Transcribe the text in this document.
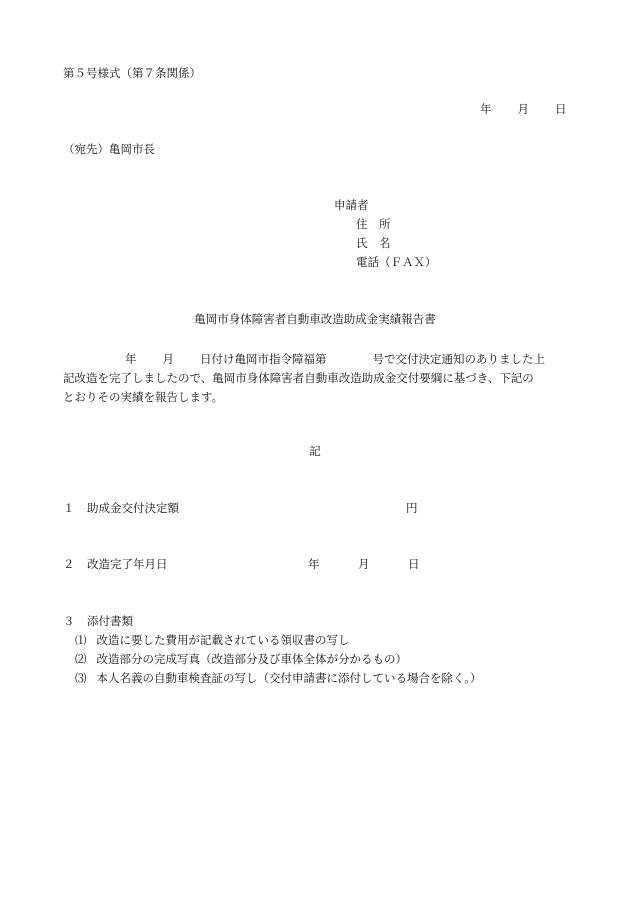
第５号様式（第７条関係）
年 月 日
（宛先）亀岡市長
申請者
住　所
氏　名
電話（ＦＡＸ）
亀岡市身体障害者自動車改造助成金実績報告書
年 月 日付け亀岡市指令障福第	号で交付決定通知のありました上
記改造を完了しましたので、亀岡市身体障害者自動車改造助成金交付要綱に基づき、下記の
とおりその実績を報告します。
記
１ 助成金交付決定額	円
２ 改造完了年月日	年	月	日
３ 添付書類
⑴ 改造に要した費用が記載されている領収書の写し
⑵ 改造部分の完成写真（改造部分及び車体全体が分かるもの）
⑶ 本人名義の自動車検査証の写し（交付申請書に添付している場合を除く。）
